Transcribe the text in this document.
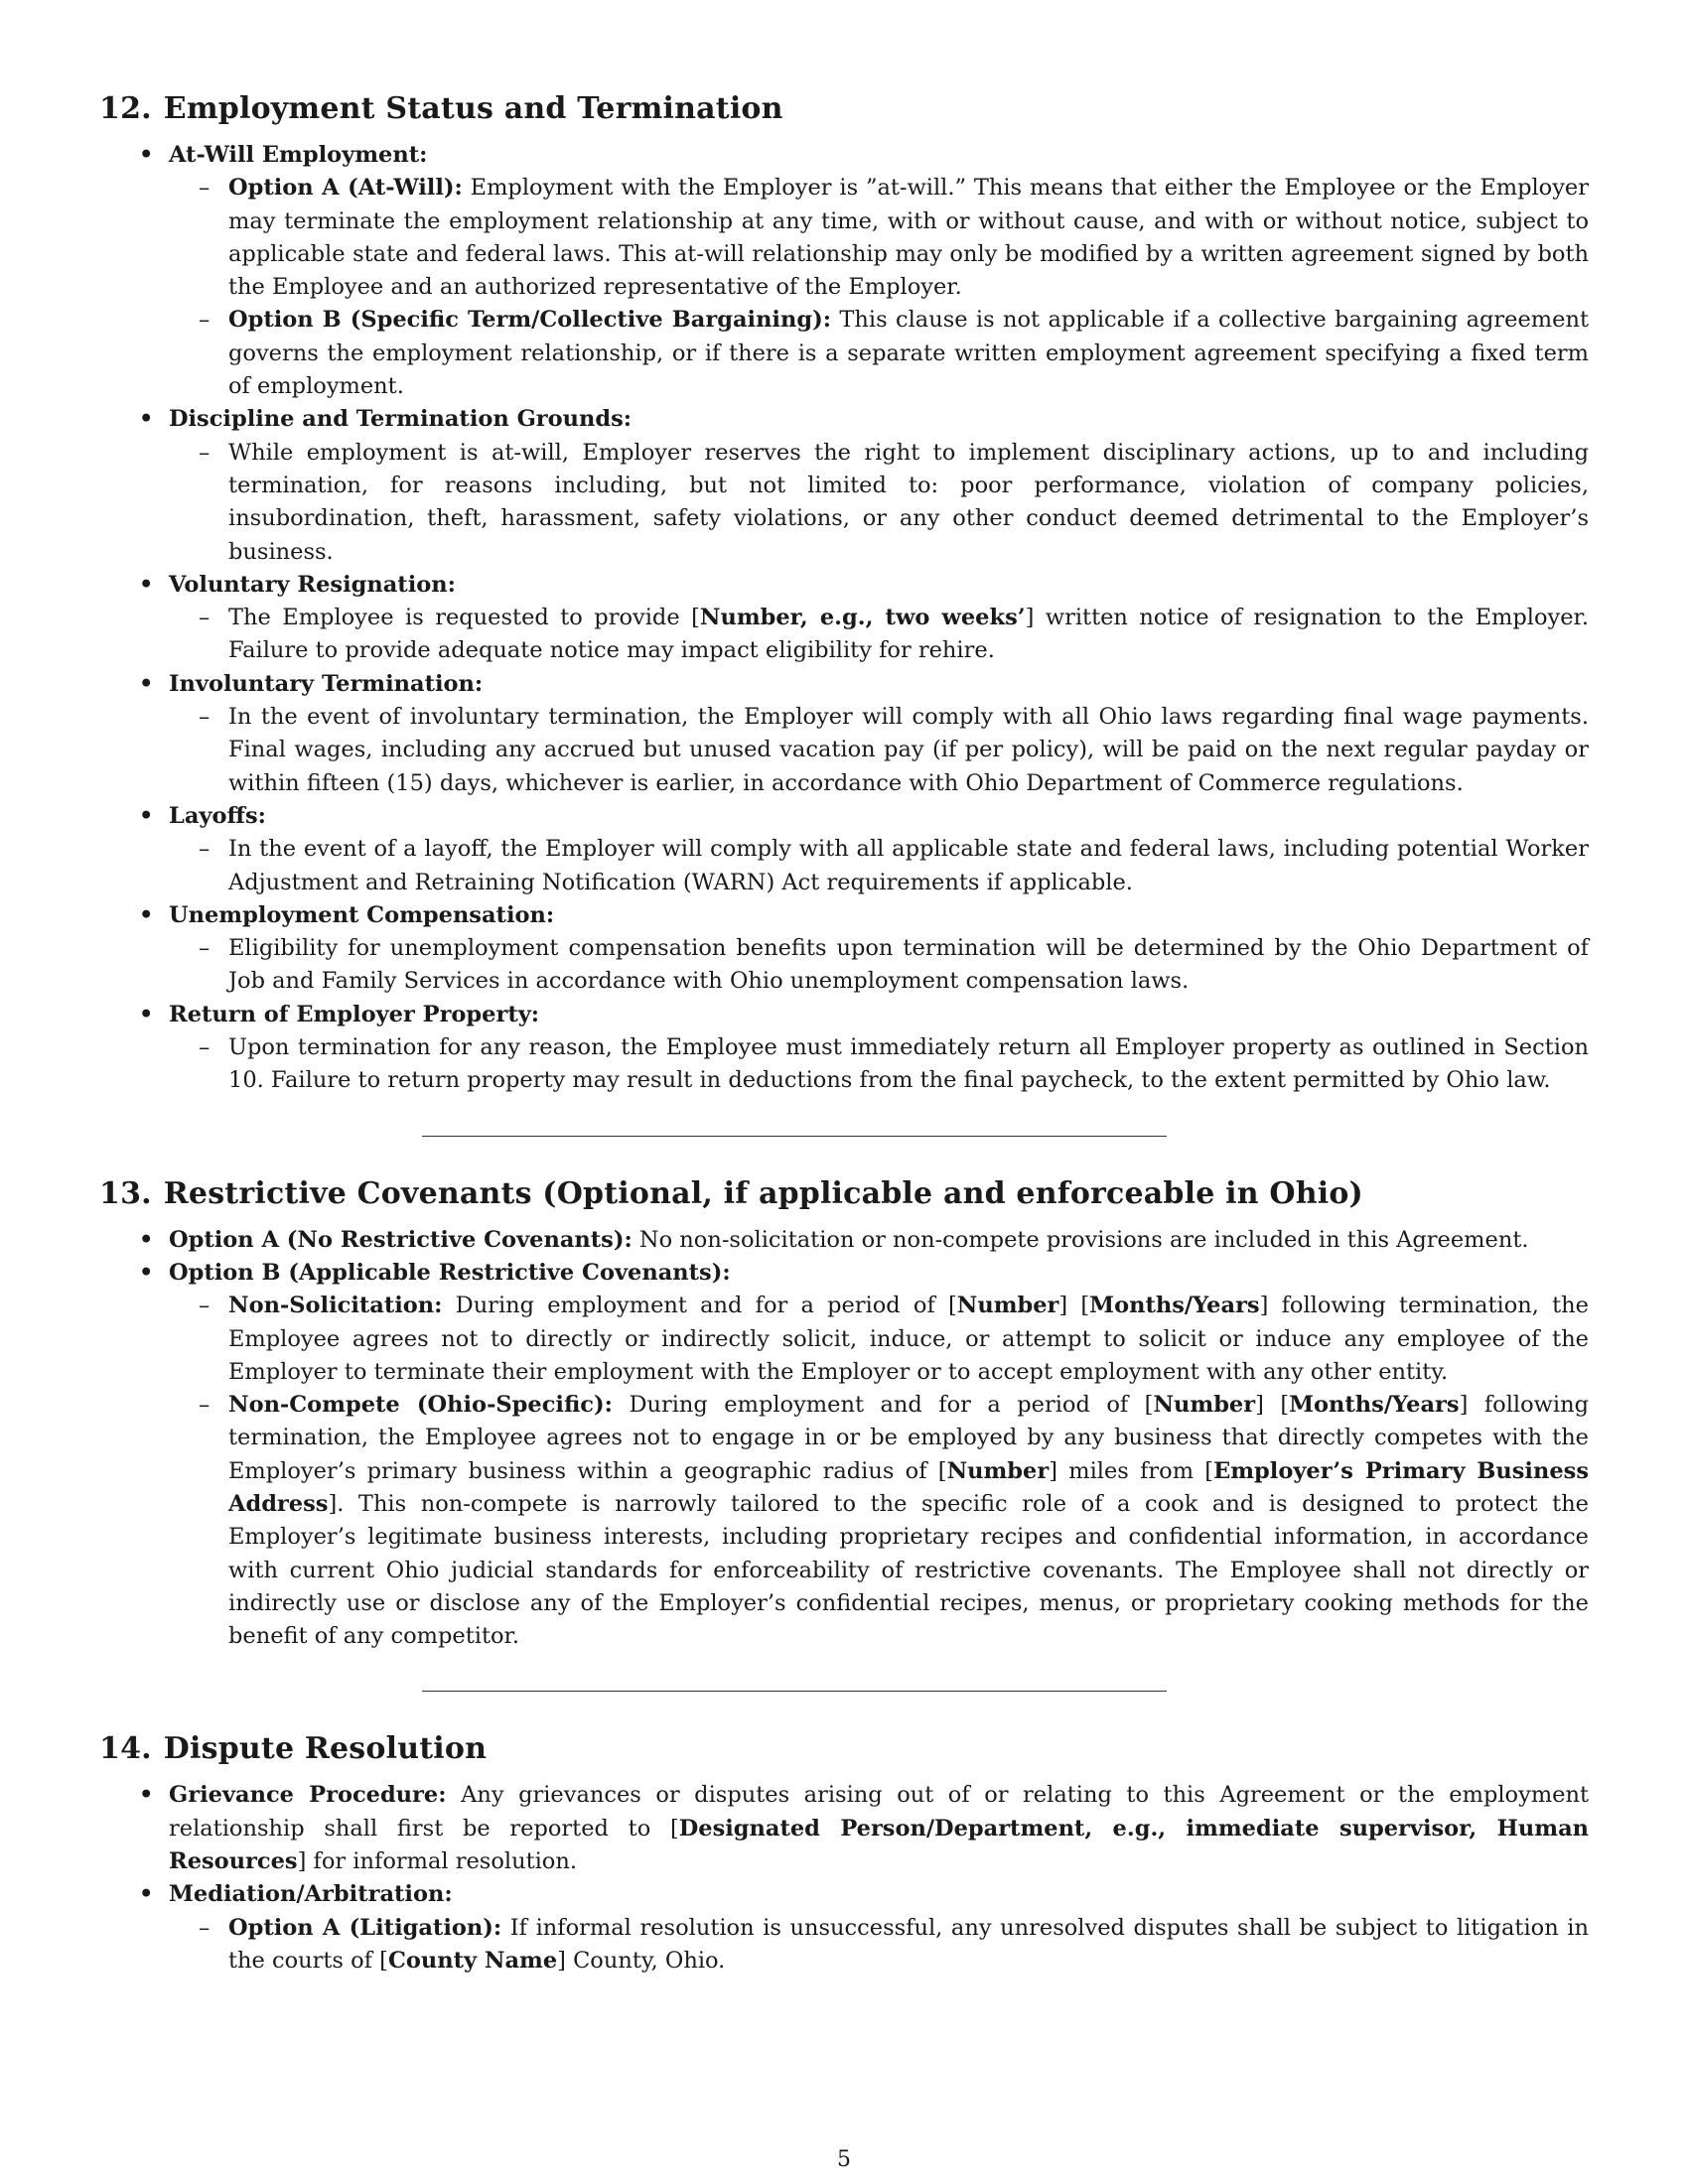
12. Employment Status and Termination
• At-Will Employment:
– Option A (At-Will): Employment with the Employer is ”at-will.” This means that either the Employee or the Employer may terminate the employment relationship at any time, with or without cause, and with or without notice, subject to applicable state and federal laws. This at-will relationship may only be modified by a written agreement signed by both the Employee and an authorized representative of the Employer.
– Option B (Specific Term/Collective Bargaining): This clause is not applicable if a collective bargaining agreement governs the employment relationship, or if there is a separate written employment agreement specifying a fixed term of employment.
• Discipline and Termination Grounds:
– While employment is at-will, Employer reserves the right to implement disciplinary actions, up to and including termination, for reasons including, but not limited to: poor performance, violation of company policies, insubordination, theft, harassment, safety violations, or any other conduct deemed detrimental to the Employer’s business.
• Voluntary Resignation:
– The Employee is requested to provide [Number, e.g., two weeks’] written notice of resignation to the Employer. Failure to provide adequate notice may impact eligibility for rehire.
• Involuntary Termination:
– In the event of involuntary termination, the Employer will comply with all Ohio laws regarding final wage payments. Final wages, including any accrued but unused vacation pay (if per policy), will be paid on the next regular payday or within fifteen (15) days, whichever is earlier, in accordance with Ohio Department of Commerce regulations.
• Layoffs:
– In the event of a layoff, the Employer will comply with all applicable state and federal laws, including potential Worker Adjustment and Retraining Notification (WARN) Act requirements if applicable.
• Unemployment Compensation:
– Eligibility for unemployment compensation benefits upon termination will be determined by the Ohio Department of Job and Family Services in accordance with Ohio unemployment compensation laws.
• Return of Employer Property:
– Upon termination for any reason, the Employee must immediately return all Employer property as outlined in Section 10. Failure to return property may result in deductions from the final paycheck, to the extent permitted by Ohio law.
13. Restrictive Covenants (Optional, if applicable and enforceable in Ohio)
• Option A (No Restrictive Covenants): No non-solicitation or non-compete provisions are included in this Agreement.
• Option B (Applicable Restrictive Covenants):
– Non-Solicitation: During employment and for a period of [Number] [Months/Years] following termination, the Employee agrees not to directly or indirectly solicit, induce, or attempt to solicit or induce any employee of the Employer to terminate their employment with the Employer or to accept employment with any other entity.
– Non-Compete (Ohio-Specific): During employment and for a period of [Number] [Months/Years] following termination, the Employee agrees not to engage in or be employed by any business that directly competes with the Employer’s primary business within a geographic radius of [Number] miles from [Employer’s Primary Business Address]. This non-compete is narrowly tailored to the specific role of a cook and is designed to protect the Employer’s legitimate business interests, including proprietary recipes and confidential information, in accordance with current Ohio judicial standards for enforceability of restrictive covenants. The Employee shall not directly or indirectly use or disclose any of the Employer’s confidential recipes, menus, or proprietary cooking methods for the benefit of any competitor.
14. Dispute Resolution
• Grievance Procedure: Any grievances or disputes arising out of or relating to this Agreement or the employment relationship shall first be reported to [Designated Person/Department, e.g., immediate supervisor, Human Resources] for informal resolution.
• Mediation/Arbitration:
– Option A (Litigation): If informal resolution is unsuccessful, any unresolved disputes shall be subject to litigation in the courts of [County Name] County, Ohio.
5
